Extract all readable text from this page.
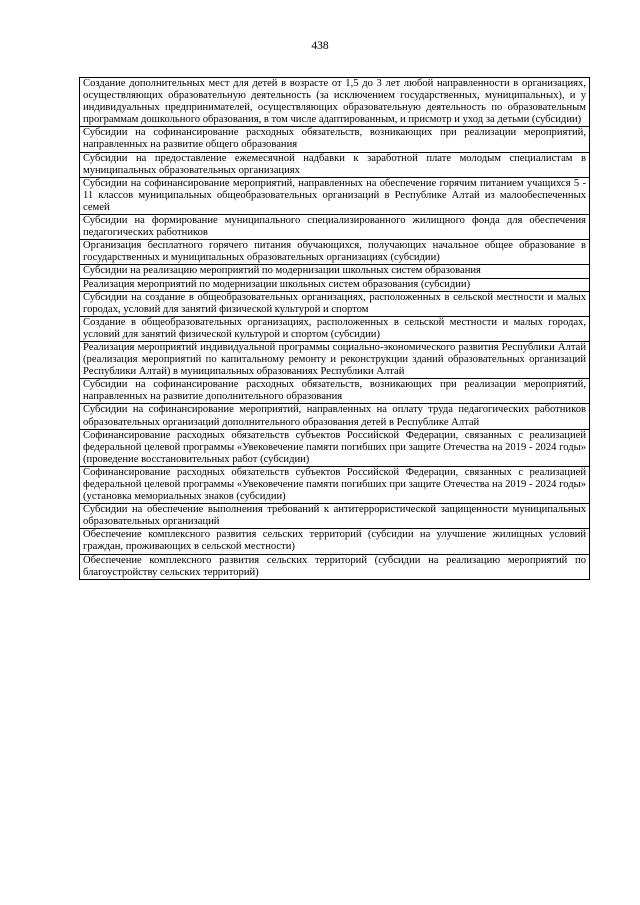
438
Создание дополнительных мест для детей в возрасте от 1,5 до 3 лет любой направленности в организациях, осуществляющих образовательную деятельность (за исключением государственных, муниципальных), и у индивидуальных предпринимателей, осуществляющих образовательную деятельность по образовательным программам дошкольного образования, в том числе адаптированным, и присмотр и уход за детьми (субсидии)
Субсидии на софинансирование расходных обязательств, возникающих при реализации мероприятий, направленных на развитие общего образования
Субсидии на предоставление ежемесячной надбавки к заработной плате молодым специалистам в муниципальных образовательных организациях
Субсидии на софинансирование мероприятий, направленных на обеспечение горячим питанием учащихся 5 - 11 классов муниципальных общеобразовательных организаций в Республике Алтай из малообеспеченных семей
Субсидии на формирование муниципального специализированного жилищного фонда для обеспечения педагогических работников
Организация бесплатного горячего питания обучающихся, получающих начальное общее образование в государственных и муниципальных образовательных организациях (субсидии)
Субсидии на реализацию мероприятий по модернизации школьных систем образования
Реализация мероприятий по модернизации школьных систем образования (субсидии)
Субсидии на создание в общеобразовательных организациях, расположенных в сельской местности и малых городах, условий для занятий физической культурой и спортом
Создание в общеобразовательных организациях, расположенных в сельской местности и малых городах, условий для занятий физической культурой и спортом (субсидии)
Реализация мероприятий индивидуальной программы социально-экономического развития Республики Алтай (реализация мероприятий по капитальному ремонту и реконструкции зданий образовательных организаций Республики Алтай) в муниципальных образованиях Республики Алтай
Субсидии на софинансирование расходных обязательств, возникающих при реализации мероприятий, направленных на развитие дополнительного образования
Субсидии на софинансирование мероприятий, направленных на оплату труда педагогических работников образовательных организаций дополнительного образования детей в Республике Алтай
Софинансирование расходных обязательств субъектов Российской Федерации, связанных с реализацией федеральной целевой программы «Увековечение памяти погибших при защите Отечества на 2019 - 2024 годы» (проведение восстановительных работ (субсидии)
Софинансирование расходных обязательств субъектов Российской Федерации, связанных с реализацией федеральной целевой программы «Увековечение памяти погибших при защите Отечества на 2019 - 2024 годы» (установка мемориальных знаков (субсидии)
Субсидии на обеспечение выполнения требований к антитеррористической защищенности муниципальных образовательных организаций
Обеспечение комплексного развития сельских территорий (субсидии на улучшение жилищных условий граждан, проживающих в сельской местности)
Обеспечение комплексного развития сельских территорий (субсидии на реализацию мероприятий по благоустройству сельских территорий)
